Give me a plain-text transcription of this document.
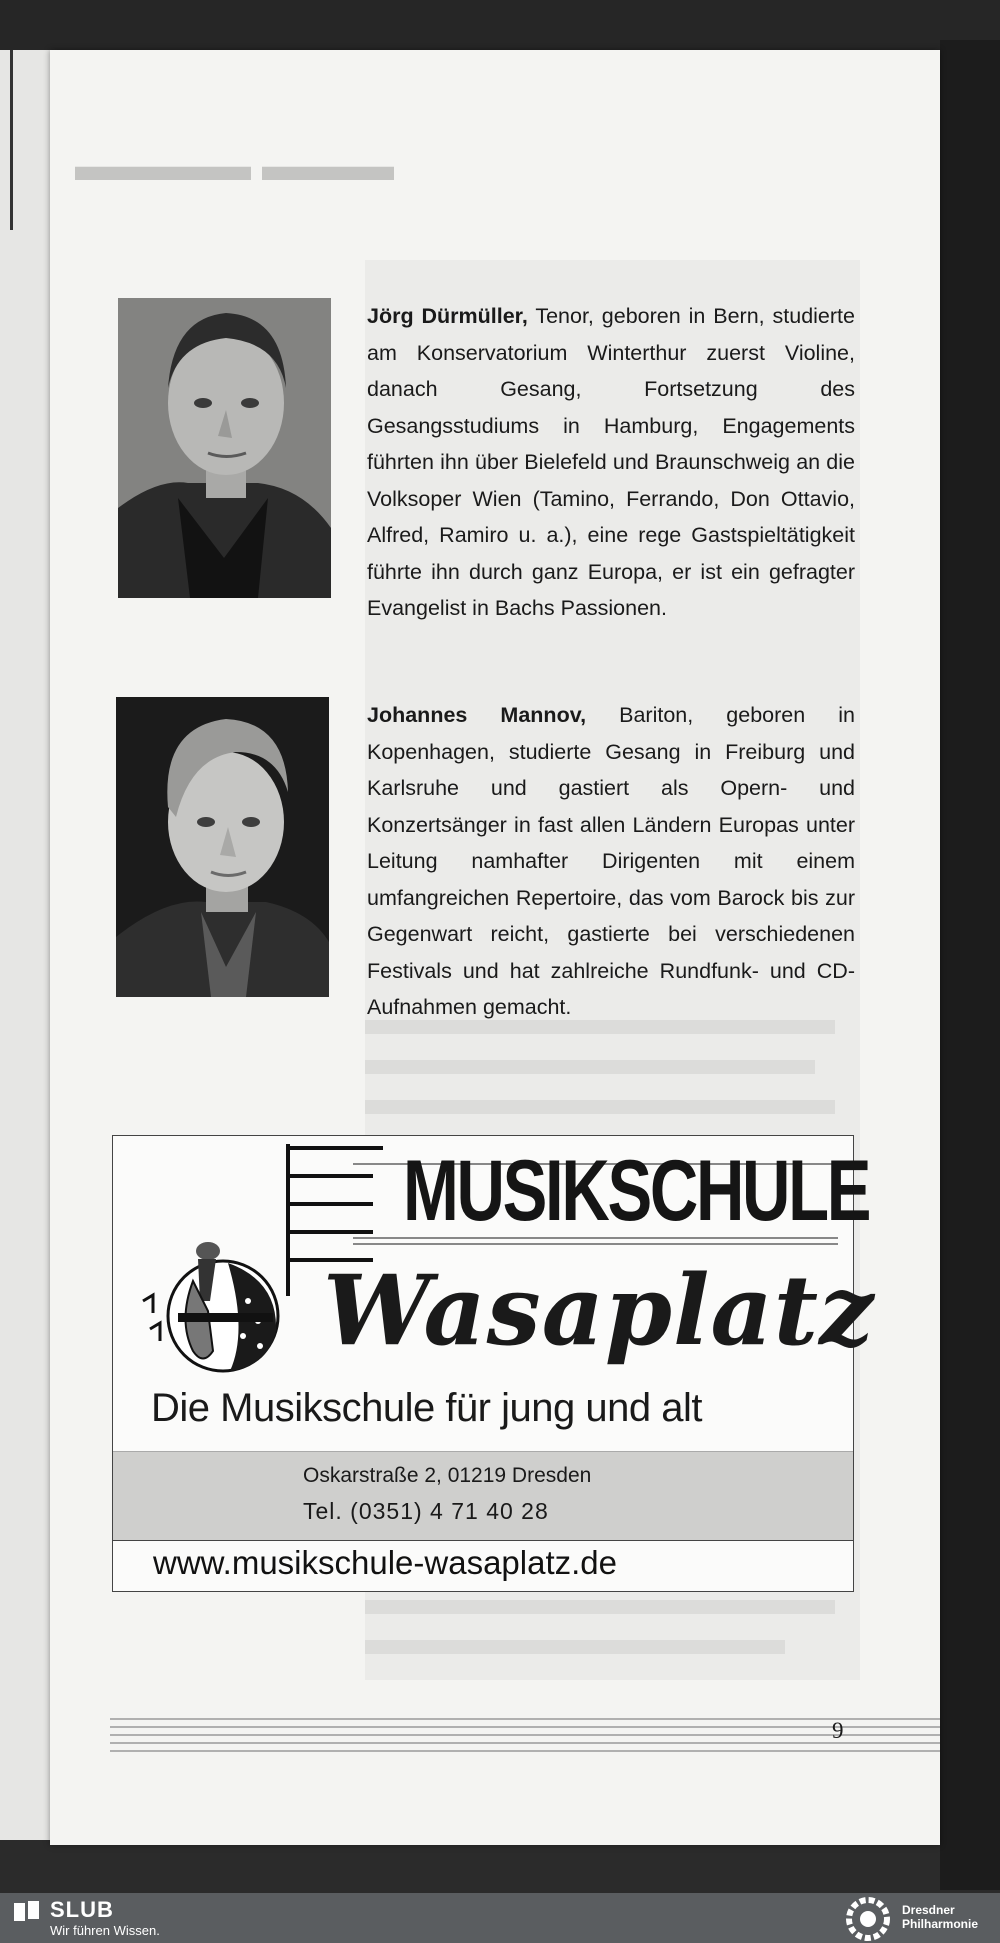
▬▬▬ ▬▬▬▬
Jörg Dürmüller, Tenor, geboren in Bern, studierte am Konservatorium Winterthur zuerst Violine, danach Gesang, Fortsetzung des Gesangsstudiums in Hamburg, Engagements führten ihn über Bielefeld und Braunschweig an die Volksoper Wien (Tamino, Ferrando, Don Ottavio, Alfred, Ramiro u. a.), eine rege Gastspieltätigkeit führte ihn durch ganz Europa, er ist ein gefragter Evangelist in Bachs Passionen.
Johannes Mannov, Bariton, geboren in Kopenhagen, studierte Gesang in Freiburg und Karlsruhe und gastiert als Opern- und Konzertsänger in fast allen Ländern Europas unter Leitung namhafter Dirigenten mit einem umfangreichen Repertoire, das vom Barock bis zur Gegenwart reicht, gastierte bei verschiedenen Festivals und hat zahlreiche Rundfunk- und CD-Aufnahmen gemacht.
MUSIKSCHULE
Wasaplatz
Die Musikschule für jung und alt
Oskarstraße 2, 01219 Dresden
Tel. (0351) 4 71 40 28
www.musikschule-wasaplatz.de
9
SLUB
Wir führen Wissen.
Dresdner
Philharmonie
